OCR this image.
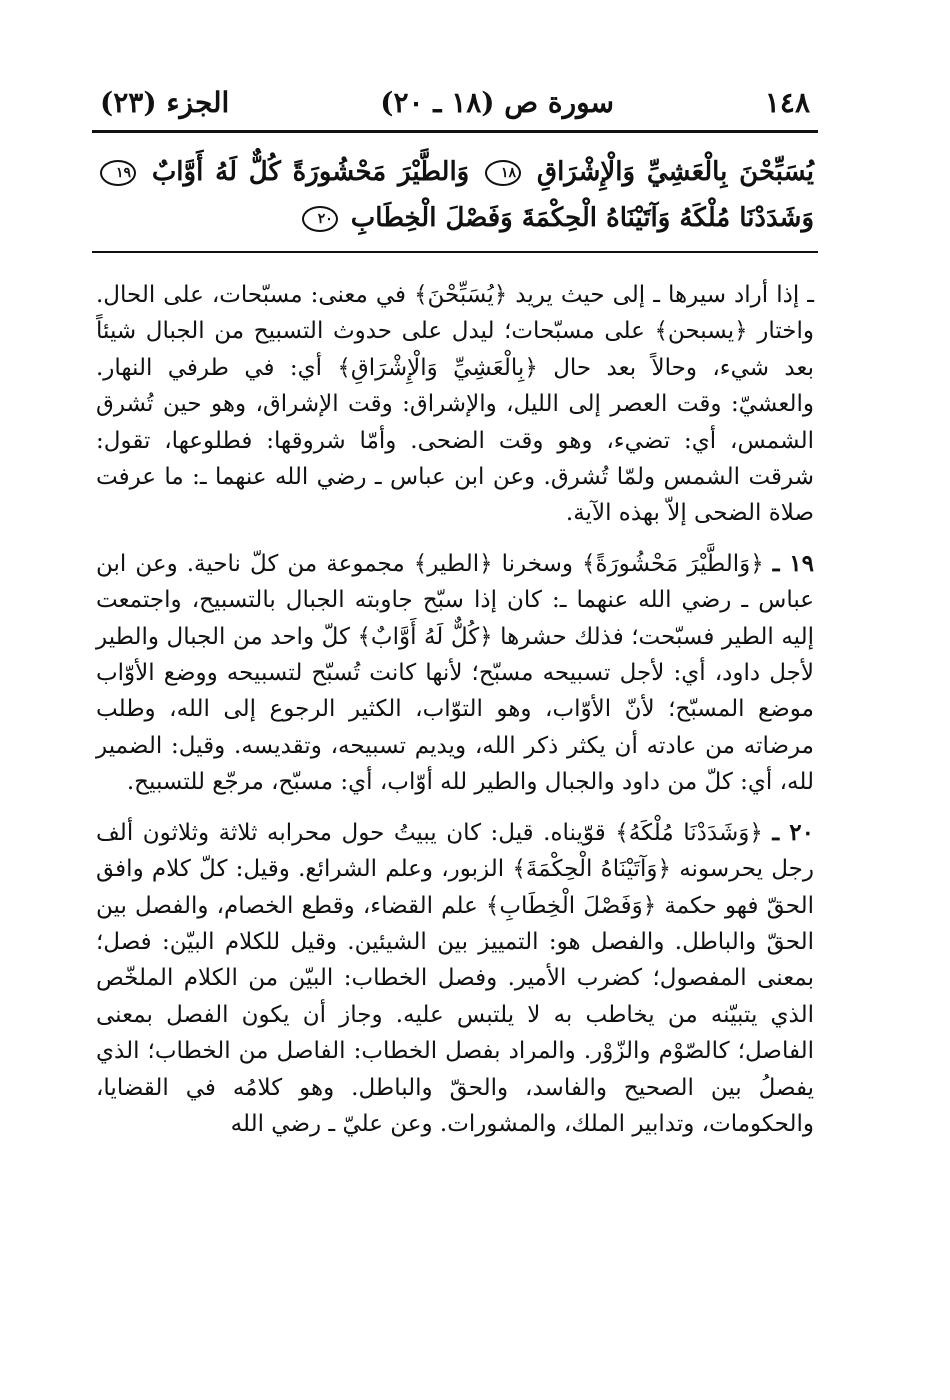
١٤٨
سورة ص (١٨ ـ ٢٠)
الجزء (٢٣)
يُسَبِّحْنَ بِالْعَشِيِّ وَالْإِشْرَاقِ ١٨ وَالطَّيْرَ مَحْشُورَةً كُلٌّ لَهُ أَوَّابٌ ١٩ وَشَدَدْنَا مُلْكَهُ وَآتَيْنَاهُ الْحِكْمَةَ وَفَصْلَ الْخِطَابِ ٢٠

ـ إذا أراد سيرها ـ إلى حيث يريد ﴿يُسَبِّحْنَ﴾ في معنى: مسبّحات، على الحال. واختار ﴿يسبحن﴾ على مسبّحات؛ ليدل على حدوث التسبيح من الجبال شيئاً بعد شيء، وحالاً بعد حال ﴿بِالْعَشِيِّ وَالْإِشْرَاقِ﴾ أي: في طرفي النهار. والعشيّ: وقت العصر إلى الليل، والإشراق: وقت الإشراق، وهو حين تُشرق الشمس، أي: تضيء، وهو وقت الضحى. وأمّا شروقها: فطلوعها، تقول: شرقت الشمس ولمّا تُشرق. وعن ابن عباس ـ رضي الله عنهما ـ: ما عرفت صلاة الضحى إلاّ بهذه الآية.

١٩ ـ ﴿وَالطَّيْرَ مَحْشُورَةً﴾ وسخرنا ﴿الطير﴾ مجموعة من كلّ ناحية. وعن ابن عباس ـ رضي الله عنهما ـ: كان إذا سبّح جاوبته الجبال بالتسبيح، واجتمعت إليه الطير فسبّحت؛ فذلك حشرها ﴿كُلٌّ لَهُ أَوَّابٌ﴾ كلّ واحد من الجبال والطير لأجل داود، أي: لأجل تسبيحه مسبّح؛ لأنها كانت تُسبّح لتسبيحه ووضع الأوّاب موضع المسبّح؛ لأنّ الأوّاب، وهو التوّاب، الكثير الرجوع إلى الله، وطلب مرضاته من عادته أن يكثر ذكر الله، ويديم تسبيحه، وتقديسه. وقيل: الضمير لله، أي: كلّ من داود والجبال والطير لله أوّاب، أي: مسبّح، مرجّع للتسبيح.

٢٠ ـ ﴿وَشَدَدْنَا مُلْكَهُ﴾ قوّيناه. قيل: كان يبيتُ حول محرابه ثلاثة وثلاثون ألف رجل يحرسونه ﴿وَآتَيْنَاهُ الْحِكْمَةَ﴾ الزبور، وعلم الشرائع. وقيل: كلّ كلام وافق الحقّ فهو حكمة ﴿وَفَصْلَ الْخِطَابِ﴾ علم القضاء، وقطع الخصام، والفصل بين الحقّ والباطل. والفصل هو: التمييز بين الشيئين. وقيل للكلام البيّن: فصل؛ بمعنى المفصول؛ كضرب الأمير. وفصل الخطاب: البيّن من الكلام الملخّص الذي يتبيّنه من يخاطب به لا يلتبس عليه. وجاز أن يكون الفصل بمعنى الفاصل؛ كالصّوْم والزّوْر. والمراد بفصل الخطاب: الفاصل من الخطاب؛ الذي يفصلُ بين الصحيح والفاسد، والحقّ والباطل. وهو كلامُه في القضايا، والحكومات، وتدابير الملك، والمشورات. وعن عليّ ـ رضي الله
